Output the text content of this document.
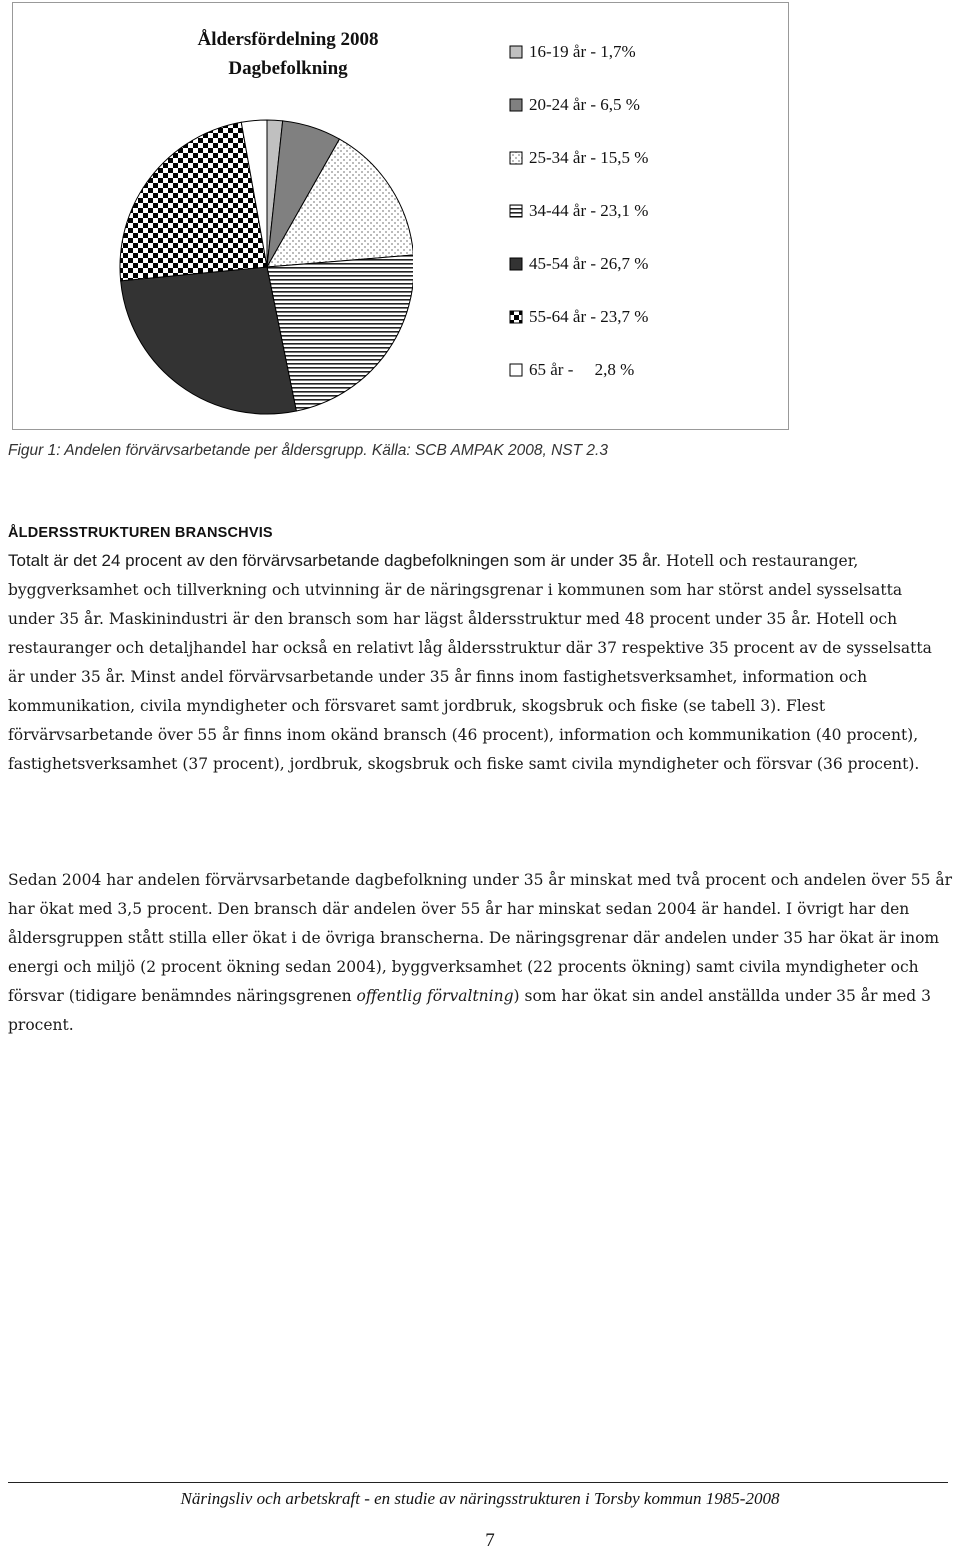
Åldersfördelning 2008
Dagbefolkning
16-19 år - 1,7%
20-24 år - 6,5 %
25-34 år - 15,5 %
34-44 år - 23,1 %
45-54 år - 26,7 %
55-64 år - 23,7 %
65 år -     2,8 %

Figur 1: Andelen förvärvsarbetande per åldersgrupp. Källa: SCB AMPAK 2008, NST 2.3

ÅLDERSSTRUKTUREN BRANSCHVIS

Totalt är det 24 procent av den förvärvsarbetande dagbefolkningen som är under 35 år. Hotell och restauranger, byggverksamhet och tillverkning och utvinning är de näringsgrenar i kommunen som har störst andel sysselsatta under 35 år. Maskinindustri är den bransch som har lägst åldersstruktur med 48 procent under 35 år. Hotell och restauranger och detaljhandel har också en relativt låg åldersstruktur där 37 respektive 35 procent av de sysselsatta är under 35 år. Minst andel förvärvsarbetande under 35 år finns inom fastighetsverksamhet, information och kommunikation, civila myndigheter och försvaret samt jordbruk, skogsbruk och fiske (se tabell 3). Flest förvärvsarbetande över 55 år finns inom okänd bransch (46 procent), information och kommunikation (40 procent), fastighetsverksamhet (37 procent), jordbruk, skogsbruk och fiske samt civila myndigheter och försvar (36 procent).

Sedan 2004 har andelen förvärvsarbetande dagbefolkning under 35 år minskat med två procent och andelen över 55 år har ökat med 3,5 procent. Den bransch där andelen över 55 år har minskat sedan 2004 är handel. I övrigt har den åldersgruppen stått stilla eller ökat i de övriga branscherna. De näringsgrenar där andelen under 35 har ökat är inom energi och miljö (2 procent ökning sedan 2004), byggverksamhet (22 procents ökning) samt civila myndigheter och försvar (tidigare benämndes näringsgrenen offentlig förvaltning) som har ökat sin andel anställda under 35 år med 3 procent.

Näringsliv och arbetskraft - en studie av näringsstrukturen i Torsby kommun 1985-2008

7
